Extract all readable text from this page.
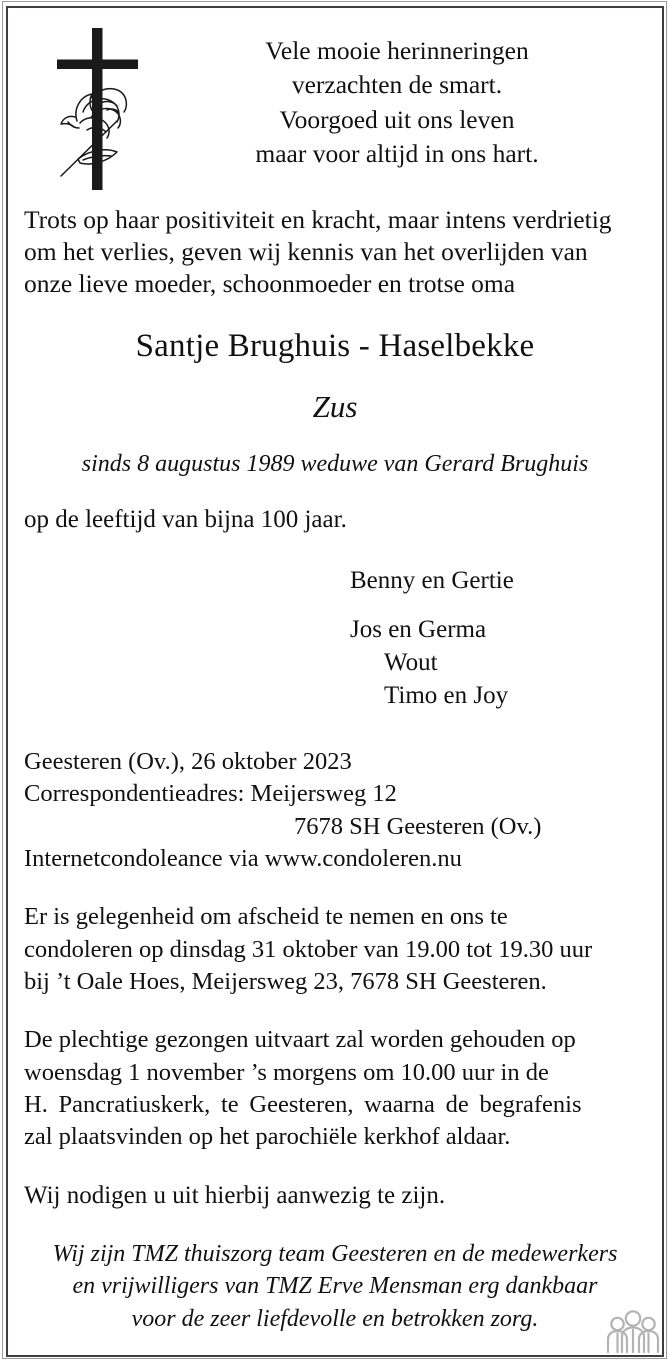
Vele mooie herinneringen
verzachten de smart.
Voorgoed uit ons leven
maar voor altijd in ons hart.
Trots op haar positiviteit en kracht, maar intens verdrietig
om het verlies, geven wij kennis van het overlijden van
onze lieve moeder, schoonmoeder en trotse oma
Santje Brughuis - Haselbekke
Zus
sinds 8 augustus 1989 weduwe van Gerard Brughuis
op de leeftijd van bijna 100 jaar.
Benny en Gertie
Jos en Germa
Wout
Timo en Joy
Geesteren (Ov.), 26 oktober 2023
Correspondentieadres: Meijersweg 12
7678 SH Geesteren (Ov.)
Internetcondoleance via www.condoleren.nu
Er is gelegenheid om afscheid te nemen en ons te
condoleren op dinsdag 31 oktober van 19.00 tot 19.30 uur
bij ’t Oale Hoes, Meijersweg 23, 7678 SH Geesteren.
De plechtige gezongen uitvaart zal worden gehouden op
woensdag 1 november ’s morgens om 10.00 uur in de
H. Pancratiuskerk, te Geesteren, waarna de begrafenis
zal plaatsvinden op het parochiële kerkhof aldaar.
Wij nodigen u uit hierbij aanwezig te zijn.
Wij zijn TMZ thuiszorg team Geesteren en de medewerkers
en vrijwilligers van TMZ Erve Mensman erg dankbaar
voor de zeer liefdevolle en betrokken zorg.
